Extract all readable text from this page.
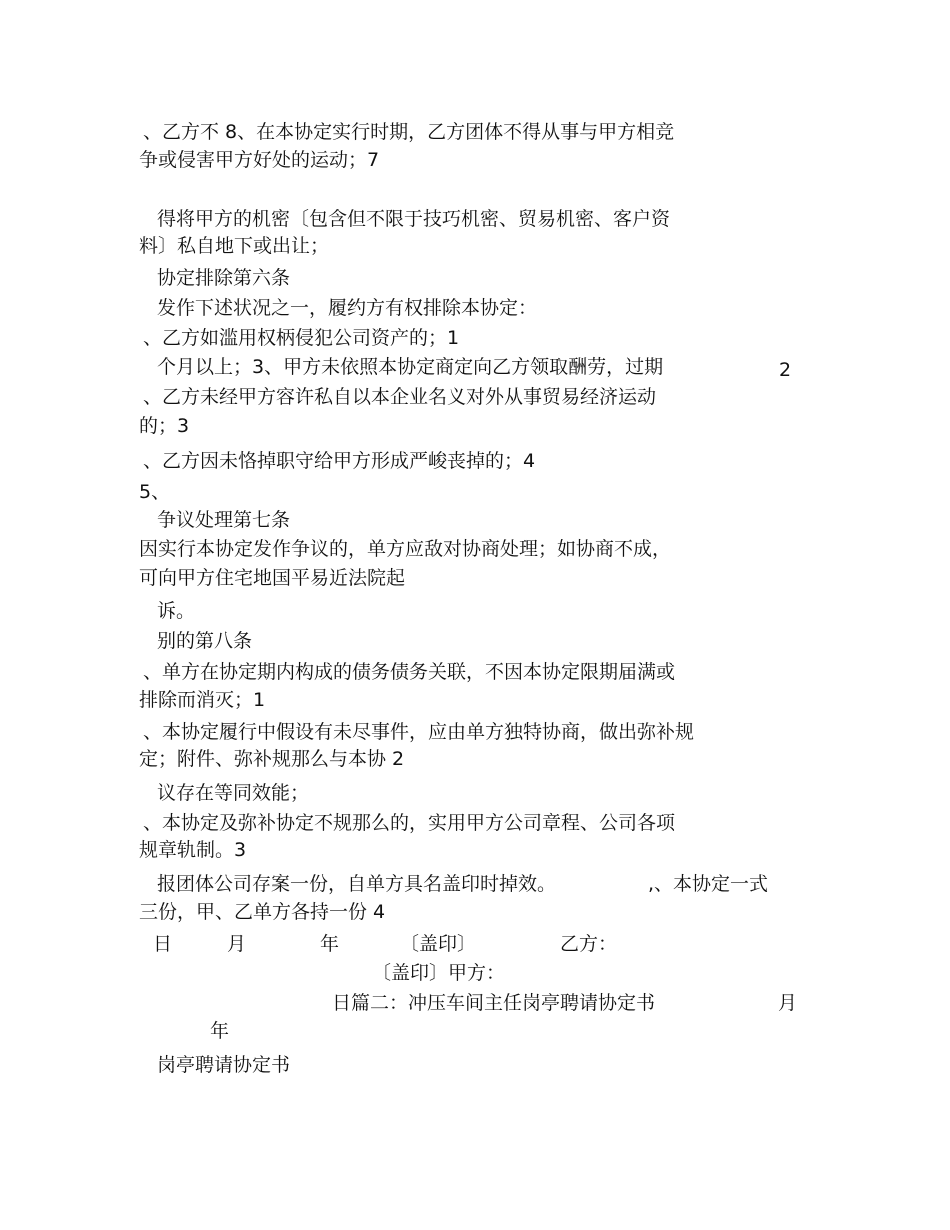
、乙方不 8、在本协定实行时期，乙方团体不得从事与甲方相竞
争或侵害甲方好处的运动；7
得将甲方的机密〔包含但不限于技巧机密、贸易机密、客户资
料〕私自地下或出让；
协定排除第六条
发作下述状况之一，履约方有权排除本协定：
、乙方如滥用权柄侵犯公司资产的；1
个月以上；3、甲方未依照本协定商定向乙方领取酬劳，过期	2
、乙方未经甲方容许私自以本企业名义对外从事贸易经济运动
的；3
、乙方因未恪掉职守给甲方形成严峻丧掉的；4
5、
争议处理第七条
因实行本协定发作争议的，单方应敌对协商处理；如协商不成，
可向甲方住宅地国平易近法院起
诉。
别的第八条
、单方在协定期内构成的债务债务关联，不因本协定限期届满或
排除而消灭；1
、本协定履行中假设有未尽事件，应由单方独特协商，做出弥补规
定；附件、弥补规那么与本协 2
议存在等同效能；
、本协定及弥补协定不规那么的，实用甲方公司章程、公司各项
规章轨制。3
报团体公司存案一份，自单方具名盖印时掉效。	,、本协定一式
三份，甲、乙单方各持一份 4
日	月	年	〔盖印〕	乙方：
〔盖印〕甲方：
日篇二：冲压车间主任岗亭聘请协定书	月
年
岗亭聘请协定书
